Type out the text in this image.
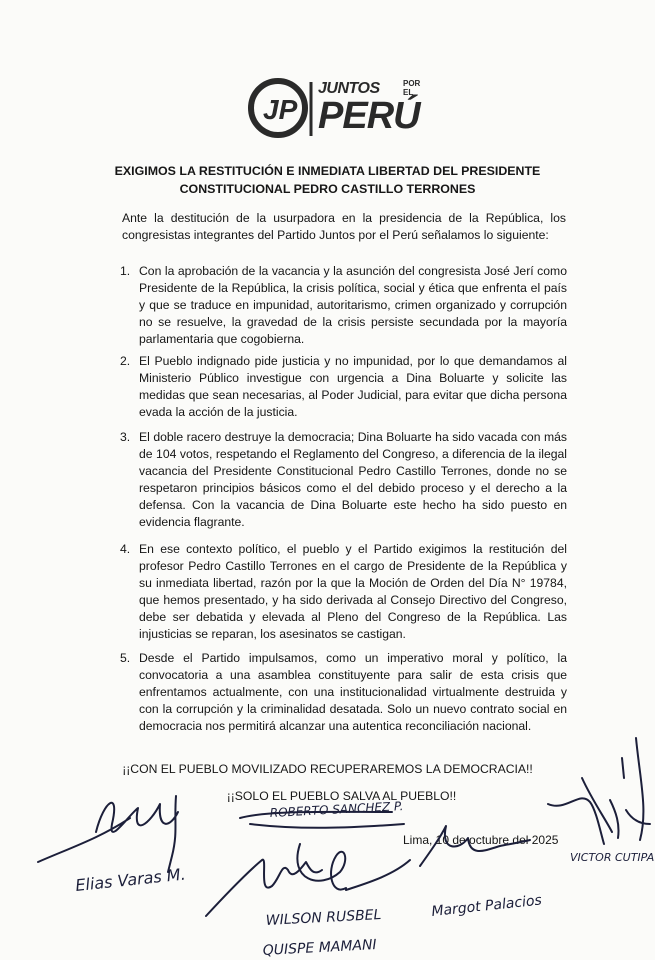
JP
JUNTOS	POR EL
PERÚ
EXIGIMOS LA RESTITUCIÓN E INMEDIATA LIBERTAD DEL PRESIDENTE
CONSTITUCIONAL PEDRO CASTILLO TERRONES
Ante la destitución de la usurpadora en la presidencia de la República, los congresistas integrantes del Partido Juntos por el Perú señalamos lo siguiente:
1. Con la aprobación de la vacancia y la asunción del congresista José Jerí como Presidente de la República, la crisis política, social y ética que enfrenta el país y que se traduce en impunidad, autoritarismo, crimen organizado y corrupción no se resuelve, la gravedad de la crisis persiste secundada por la mayoría parlamentaria que cogobierna.
2. El Pueblo indignado pide justicia y no impunidad, por lo que demandamos al Ministerio Público investigue con urgencia a Dina Boluarte y solicite las medidas que sean necesarias, al Poder Judicial, para evitar que dicha persona evada la acción de la justicia.
3. El doble racero destruye la democracia; Dina Boluarte ha sido vacada con más de 104 votos, respetando el Reglamento del Congreso, a diferencia de la ilegal vacancia del Presidente Constitucional Pedro Castillo Terrones, donde no se respetaron principios básicos como el del debido proceso y el derecho a la defensa. Con la vacancia de Dina Boluarte este hecho ha sido puesto en evidencia flagrante.
4. En ese contexto político, el pueblo y el Partido exigimos la restitución del profesor Pedro Castillo Terrones en el cargo de Presidente de la República y su inmediata libertad, razón por la que la Moción de Orden del Día N° 19784, que hemos presentado, y ha sido derivada al Consejo Directivo del Congreso, debe ser debatida y elevada al Pleno del Congreso de la República. Las injusticias se reparan, los asesinatos se castigan.
5. Desde el Partido impulsamos, como un imperativo moral y político, la convocatoria a una asamblea constituyente para salir de esta crisis que enfrentamos actualmente, con una institucionalidad virtualmente destruida y con la corrupción y la criminalidad desatada. Solo un nuevo contrato social en democracia nos permitirá alcanzar una autentica reconciliación nacional.
¡¡CON EL PUEBLO MOVILIZADO RECUPERAREMOS LA DEMOCRACIA!!
¡¡SOLO EL PUEBLO SALVA AL PUEBLO!!
Lima, 10 de octubre del 2025
Elias Varas M.
ROBERTO SANCHEZ P.
VICTOR CUTIPA
WILSON RUSBEL
QUISPE MAMANI
Margot Palacios
